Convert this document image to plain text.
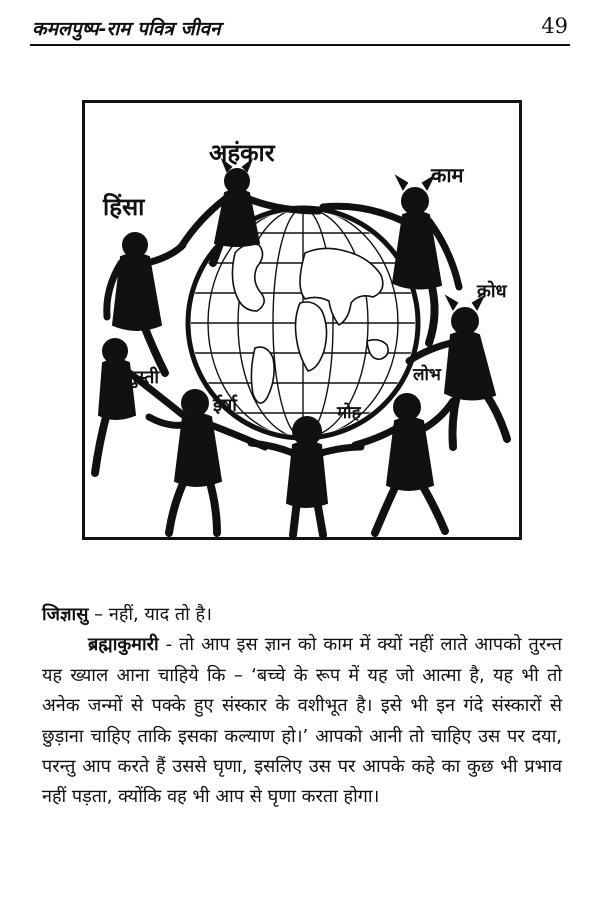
कमलपुष्प-राम पवित्र जीवन	49
अहंकार
हिंसा
काम
क्रोध
लोभ
मोह
ईर्षा
सुस्ती

जिज्ञासु – नहीं, याद तो है।

ब्रह्माकुमारी - तो आप इस ज्ञान को काम में क्यों नहीं लाते आपको तुरन्त यह ख्याल आना चाहिये कि – ‘बच्चे के रूप में यह जो आत्मा है, यह भी तो अनेक जन्मों से पक्के हुए संस्कार के वशीभूत है। इसे भी इन गंदे संस्कारों से छुड़ाना चाहिए ताकि इसका कल्याण हो।’ आपको आनी तो चाहिए उस पर दया, परन्तु आप करते हैं उससे घृणा, इसलिए उस पर आपके कहे का कुछ भी प्रभाव नहीं पड़ता, क्योंकि वह भी आप से घृणा करता होगा।
